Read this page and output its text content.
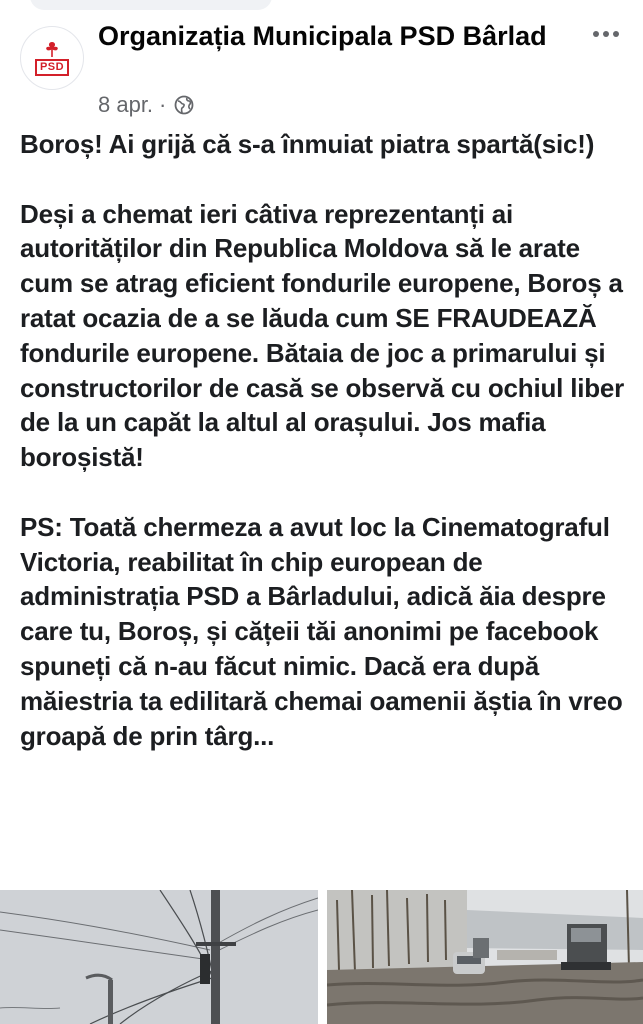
PSD
Organizația Municipala PSD Bârlad
8 apr. ·

Boroș! Ai grijă că s-a înmuiat piatra spartă(sic!)

Deși a chemat ieri câtiva reprezentanți ai autorităților din Republica Moldova să le arate cum se atrag eficient fondurile europene, Boroș a ratat ocazia de a se lăuda cum SE FRAUDEAZĂ fondurile europene. Bătaia de joc a primarului și constructorilor de casă se observă cu ochiul liber de la un capăt la altul al orașului. Jos mafia boroșistă!

PS: Toată chermeza a avut loc la Cinematograful Victoria, reabilitat în chip european de administrația PSD a Bârladului, adică ăia despre care tu, Boroș, și cățeii tăi anonimi pe facebook spuneți că n-au făcut nimic. Dacă era după măiestria ta edilitară chemai oamenii ăștia în vreo groapă de prin târg...
